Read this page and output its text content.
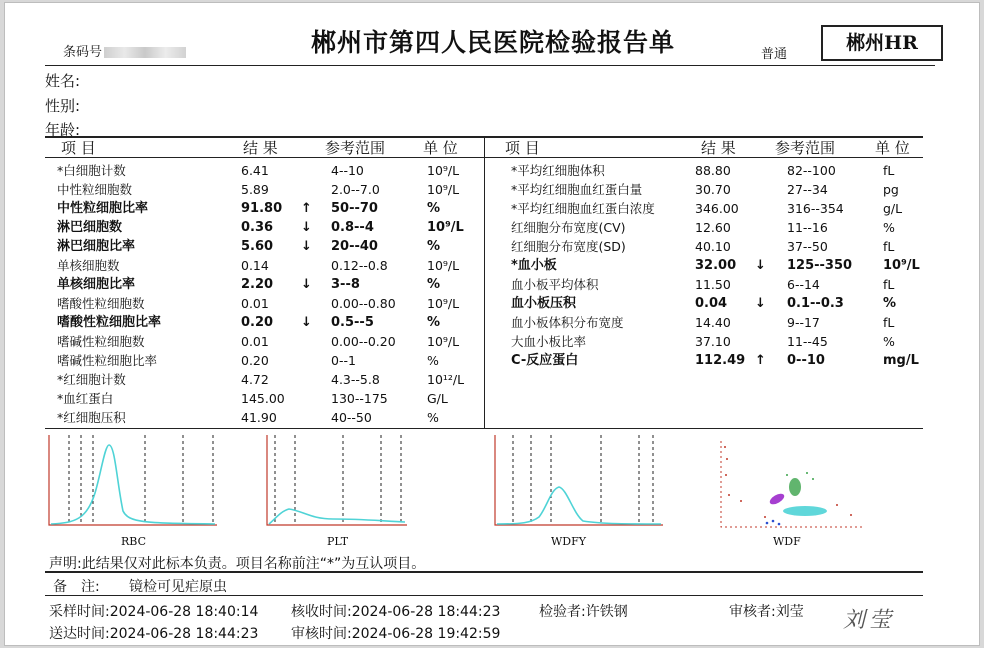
条码号	郴州市第四人民医院检验报告单	普通
郴州HR
姓名:
性别:
年龄:
项 目	结 果	参考范围	单 位	项 目	结 果	参考范围	单 位
*白细胞计数	6.41	4--10	10⁹/L
中性粒细胞数	5.89	2.0--7.0	10⁹/L
中性粒细胞比率	91.80 ↑ 50--70	%
淋巴细胞数	0.36 ↓ 0.8--4	10⁹/L
淋巴细胞比率	5.60 ↓ 20--40	%
单核细胞数	0.14	0.12--0.8	10⁹/L
单核细胞比率	2.20 ↓ 3--8	%
嗜酸性粒细胞数	0.01	0.00--0.80	10⁹/L
嗜酸性粒细胞比率	0.20 ↓ 0.5--5	%
嗜碱性粒细胞数	0.01	0.00--0.20	10⁹/L
嗜碱性粒细胞比率	0.20	0--1	%
*红细胞计数	4.72	4.3--5.8	10¹²/L
*血红蛋白	145.00	130--175	G/L
*红细胞压积	41.90	40--50	%
*平均红细胞体积	88.80	82--100	fL
*平均红细胞血红蛋白量	30.70	27--34	pg
*平均红细胞血红蛋白浓度	346.00	316--354	g/L
红细胞分布宽度(CV)	12.60	11--16	%
红细胞分布宽度(SD)	40.10	37--50	fL
*血小板	32.00 ↓ 125--350 10⁹/L
血小板平均体积	11.50	6--14	fL
血小板压积	0.04 ↓ 0.1--0.3	%
血小板体积分布宽度	14.40	9--17	fL
大血小板比率	37.10	11--45	%
C-反应蛋白	112.49 ↑ 0--10	mg/L
RBC	PLT	WDFY	WDF
声明:此结果仅对此标本负责。项目名称前注“*”为互认项目。
备　注: 镜检可见疟原虫
采样时间:2024-06-28 18:40:14 核收时间:2024-06-28 18:44:23	检验者:许铁钢	审核者:刘莹
送达时间:2024-06-28 18:44:23 审核时间:2024-06-28 19:42:59
刘莹
